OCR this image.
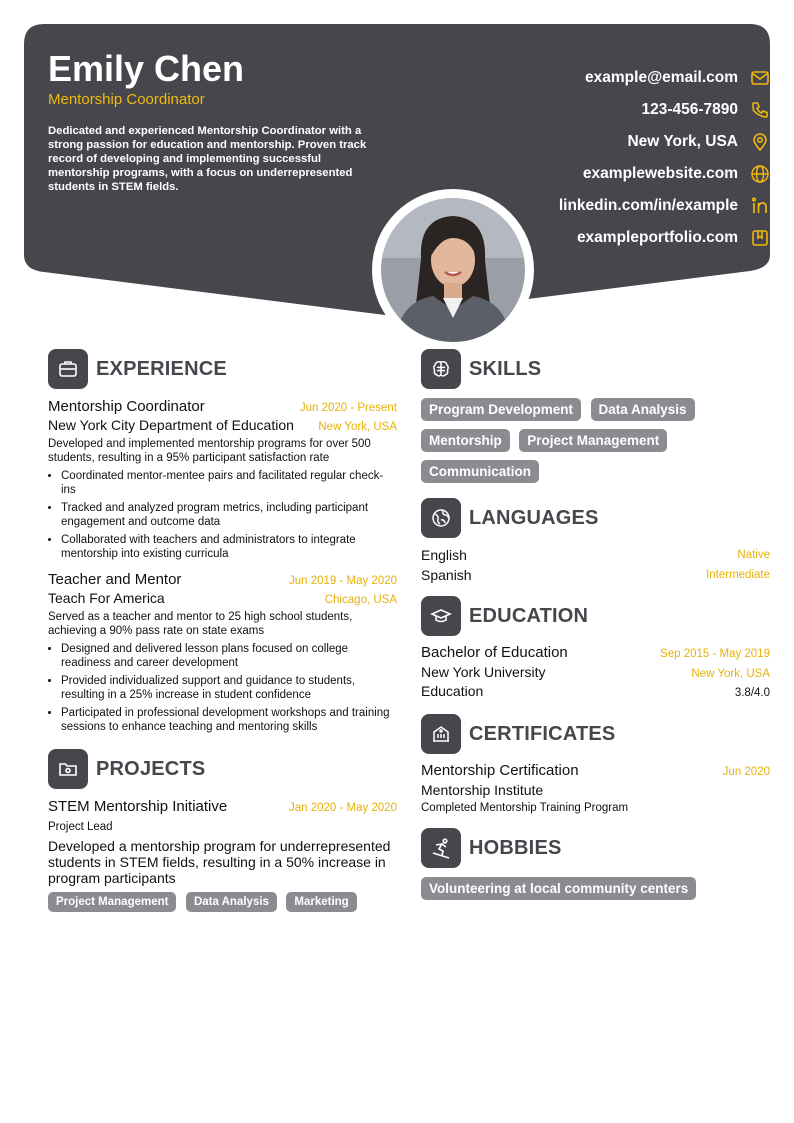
Emily Chen
Mentorship Coordinator
Dedicated and experienced Mentorship Coordinator with a strong passion for education and mentorship. Proven track record of developing and implementing successful mentorship programs, with a focus on underrepresented students in STEM fields.
example@email.com
123-456-7890
New York, USA
examplewebsite.com
linkedin.com/in/example
exampleportfolio.com
EXPERIENCE
Mentorship Coordinator	Jun 2020 - Present
New York City Department of Education New York, USA
Developed and implemented mentorship programs for over 500 students, resulting in a 95% participant satisfaction rate
• Coordinated mentor-mentee pairs and facilitated regular check-ins
• Tracked and analyzed program metrics, including participant engagement and outcome data
• Collaborated with teachers and administrators to integrate mentorship into existing curricula
Teacher and Mentor	Jun 2019 - May 2020
Teach For America	Chicago, USA
Served as a teacher and mentor to 25 high school students, achieving a 90% pass rate on state exams
• Designed and delivered lesson plans focused on college readiness and career development
• Provided individualized support and guidance to students, resulting in a 25% increase in student confidence
• Participated in professional development workshops and training sessions to enhance teaching and mentoring skills
PROJECTS
STEM Mentorship Initiative	Jan 2020 - May 2020
Project Lead
Developed a mentorship program for underrepresented students in STEM fields, resulting in a 50% increase in program participants
Project Management Data Analysis Marketing
SKILLS
Program Development Data Analysis Mentorship Project Management Communication
LANGUAGES
English	Native
Spanish	Intermediate
EDUCATION
Bachelor of Education	Sep 2015 - May 2019
New York University	New York, USA
Education	3.8/4.0
CERTIFICATES
Mentorship Certification	Jun 2020
Mentorship Institute
Completed Mentorship Training Program
HOBBIES
Volunteering at local community centers
